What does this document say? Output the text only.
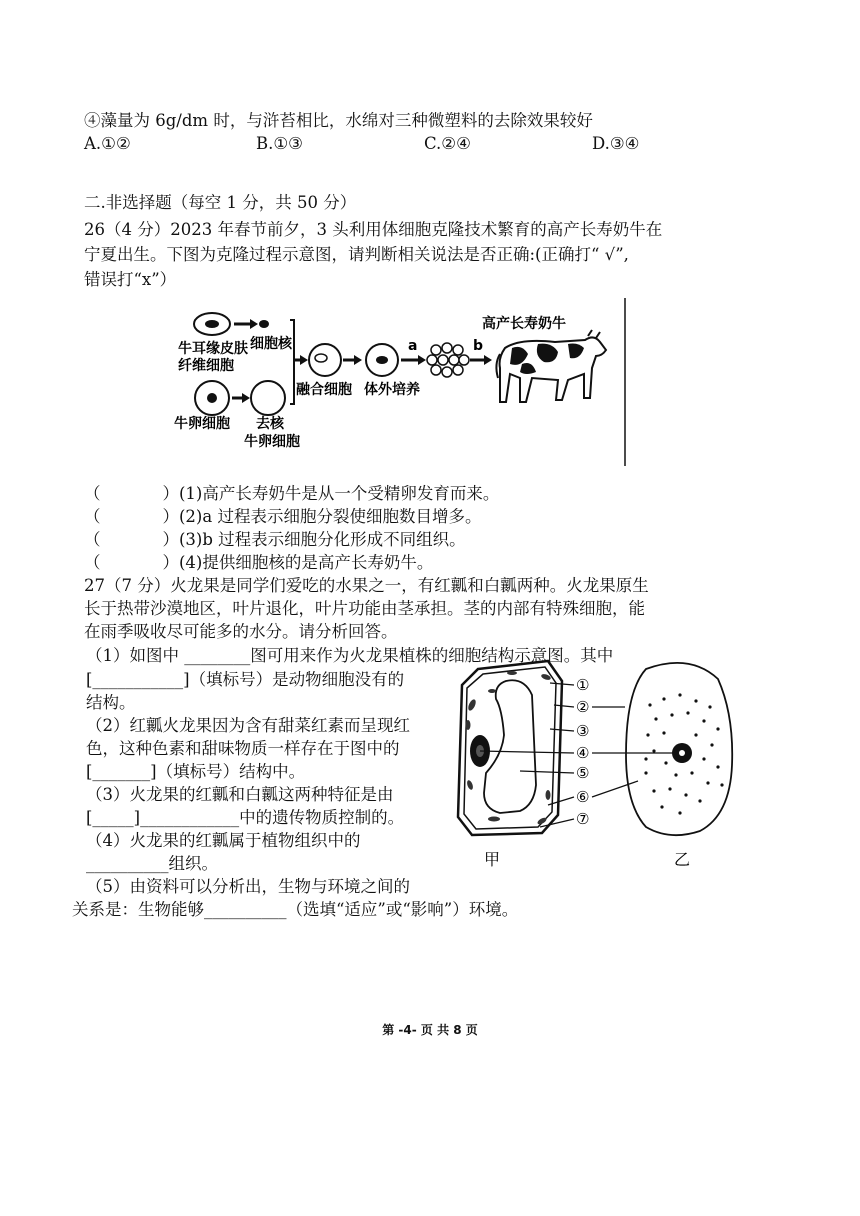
④藻量为 6g/dm 时，与浒苔相比，水绵对三种微塑料的去除效果较好
A.①②	B.①③	C.②④	D.③④
二.非选择题（每空 1 分，共 50 分）
26（4 分）2023 年春节前夕，3 头利用体细胞克隆技术繁育的高产长寿奶牛在
宁夏出生。下图为克隆过程示意图，请判断相关说法是否正确:(正确打“ √”,
错误打“x”）
牛耳缘皮肤
纤维细胞
细胞核
牛卵细胞 去核
牛卵细胞
融合细胞 体外培养
a	b
高产长寿奶牛
（	）(1)高产长寿奶牛是从一个受精卵发育而来。
（	）(2)a 过程表示细胞分裂使细胞数目增多。
（	）(3)b 过程表示细胞分化形成不同组织。
（	）(4)提供细胞核的是高产长寿奶牛。
27（7 分）火龙果是同学们爱吃的水果之一，有红瓤和白瓤两种。火龙果原生
长于热带沙漠地区，叶片退化，叶片功能由茎承担。茎的内部有特殊细胞，能
在雨季吸收尽可能多的水分。请分析回答。
（1）如图中 ________图可用来作为火龙果植株的细胞结构示意图。其中
[___________]（填标号）是动物细胞没有的
结构。
（2）红瓤火龙果因为含有甜菜红素而呈现红
色，这种色素和甜味物质一样存在于图中的
[_______]（填标号）结构中。
（3）火龙果的红瓤和白瓤这两种特征是由
[_____]____________中的遗传物质控制的。
（4）火龙果的红瓤属于植物组织中的
__________组织。
（5）由资料可以分析出，生物与环境之间的
关系是：生物能够__________（选填“适应”或“影响”）环境。
①
②
③
④
⑤
⑥
⑦
甲	乙
第 -4- 页 共 8 页
